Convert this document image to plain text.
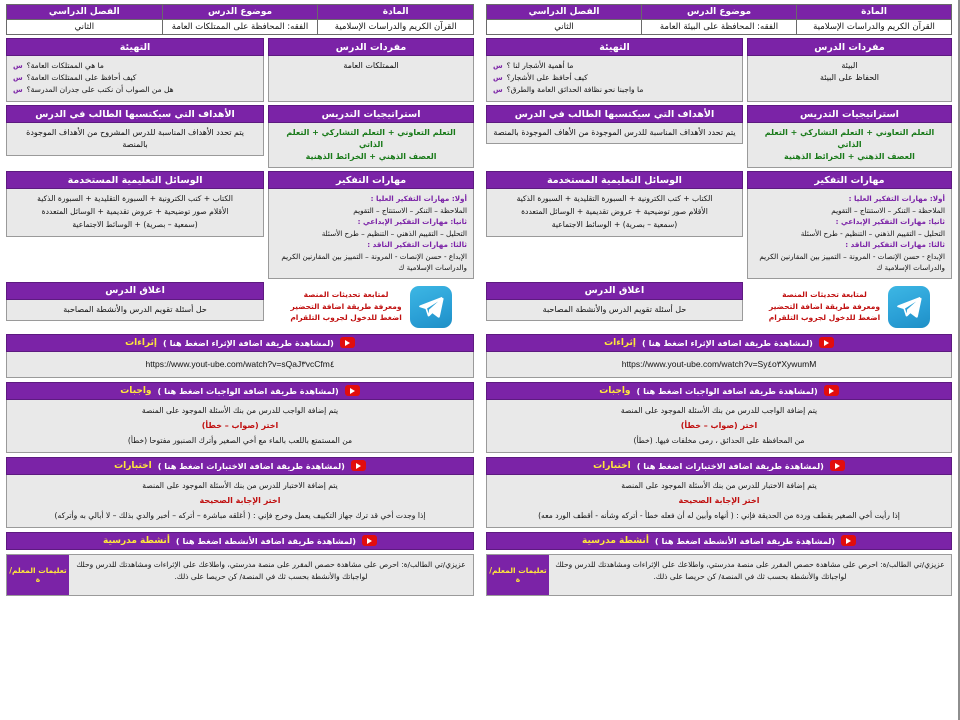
المادة	موضوع الدرس	الفصل الدراسي
القرآن الكريم والدراسات الإسلامية	الفقه: المحافظة على الممتلكات العامة	الثاني
التهيئة
س ما هي الممتلكات العامة؟
س كيف أحافظ على الممتلكات العامة؟
س هل من الصواب أن نكتب على جدران المدرسة؟
مفردات الدرس
الممتلكات العامة
الأهداف التي سيكتسبها الطالب في الدرس
يتم تحدد الأهداف المناسبة للدرس المشروح من الأهداف الموجودة بالمنصة
استراتيجيات التدريس
التعلم التعاوني + التعلم التشاركي + التعلم الذاتي
العصف الذهني + الخرائط الذهنية
الوسائل التعليمية المستخدمة
الكتاب + كتب الكترونية + السبورة التقليدية + السبورة الذكية
الأقلام صور توضيحية + عروض تقديمية + الوسائل المتعددة
(سمعية – بصرية) + الوسائط الاجتماعية
مهارات التفكير
أولا: مهارات التفكير العليا :
الملاحظة – التنكر – الاستنتاج – التقويم
ثانيا: مهارات التفكير الإبداعي :
التحليل – التقييم الذهني – التنظيم – طرح الأسئلة
ثالثا: مهارات التفكير الناقد :
الإبداع - حسن الإنصات - المرونة – التمييز بين المقارنين الكريم والدراسات الإسلامية ك
اغلاق الدرس
حل أسئلة تقويم الدرس والأنشطة المصاحبة
لمتابعة تحديثات المنصة
ومعرفة طريقة اضافة التحضير
اضغط للدخول لجروب التلقرام
إثراءات (لمشاهدة طريقة اضافة الإثراء اضغط هنا )
https://www.yout-ube.com/watch?v=sQaJ٣vcCfm٤
واجبات (لمشاهدة طريقة اضافة الواجبات اضغط هنا )
يتم إضافة الواجب للدرس من بنك الأسئلة الموجود على المنصة
اختر (صواب – خطأ)
من المستمتع باللعب بالماء مع أخي الصغير وأترك الصنبور مفتوحا (خطأ)
اختبارات (لمشاهدة طريقة اضافة الاختبارات اضغط هنا )
يتم إضافة الاختبار للدرس من بنك الأسئلة الموجود على المنصة
اختر الإجابة الصحيحة
إذا وجدت أخي قد ترك جهاز التكييف يعمل وخرج فإني : ( أغلقه مباشرة – أتركه – أخبر والدي بذلك – لا أبالي به وأتركه)
أنشطة مدرسية (لمشاهدة طريقة اضافة الأنشطة اضغط هنا )
تعليمات المعلم/ة
عزيزي/تي الطالب/ة: احرص على مشاهدة حصص المقرر على منصة مدرستي، واطلاعك على الإثراءات ومشاهدتك للدرس وحلك لواجباتك والأنشطة بحسب ثك في المنصة/ كن حريصا على ذلك.
المادة	موضوع الدرس	الفصل الدراسي
القرآن الكريم والدراسات الإسلامية	الفقه: المحافظة على البيئة العامة	الثاني
التهيئة
س ما أهمية الأشجار لنا ؟
س كيف أحافظ على الأشجار؟
س ما واجبنا نحو نظافة الحدائق العامة والطرق؟
مفردات الدرس
البيئة
الحفاظ على البيئة
الأهداف التي سيكتسبها الطالب في الدرس
يتم تحدد الأهداف المناسبة للدرس الموجودة من الأهاف الموجودة بالمنصة
استراتيجيات التدريس
التعلم التعاوني + التعلم التشاركي + التعلم الذاتي
العصف الذهني + الخرائط الذهنية
الوسائل التعليمية المستخدمة
الكتاب + كتب الكترونية + السبورة التقليدية + السبورة الذكية
الأقلام صور توضيحية + عروض تقديمية + الوسائل المتعددة
(سمعية – بصرية) + الوسائط الاجتماعية
مهارات التفكير
أولا: مهارات التفكير العليا :
الملاحظة – التنكر – الاستنتاج – التقويم
ثانيا: مهارات التفكير الإبداعي :
التحليل – التقييم الذهني – التنظيم - طرح الأسئلة
ثالثا: مهارات التفكير الناقد :
الإبداع - حسن الإنصات - المرونة – التمييز بين المقارنين الكريم والدراسات الإسلامية ك
اغلاق الدرس
حل أسئلة تقويم الدرس والأنشطة المصاحبة
لمتابعة تحديثات المنصة
ومعرفة طريقة اضافة التحضير
اضغط للدخول لجروب التلقرام
إثراءات (لمشاهدة طريقة اضافة الإثراء اضغط هنا )
https://www.yout-ube.com/watch?v=Sy٤o٣XywumM
واجبات (لمشاهدة طريقة اضافة الواجبات اضغط هنا )
يتم إضافة الواجب للدرس من بنك الأسئلة الموجود على المنصة
اختر (صواب – خطأ)
من المحافظة على الحدائق ، رمى مخلفات فيها. (خطأ)
اختبارات (لمشاهدة طريقة اضافة الاختبارات اضغط هنا )
يتم إضافة الاختبار للدرس من بنك الأسئلة الموجود على المنصة
اختر الإجابة الصحيحة
إذا رأيت أخي الصغير يقطف وردة من الحديقة فإني : ( أنهاه وأبين له أن فعله خطأ - أتركه وشأنه - أقطف الورد معه)
أنشطة مدرسية (لمشاهدة طريقة اضافة الأنشطة اضغط هنا )
تعليمات المعلم/ة
عزيزي/تي الطالب/ة: احرص على مشاهدة حصص المقرر على منصة مدرستي، واطلاعك على الإثراءات ومشاهدتك للدرس وحلك لواجباتك والأنشطة بحسب ثك في المنصة/ كن حريصا على ذلك.
